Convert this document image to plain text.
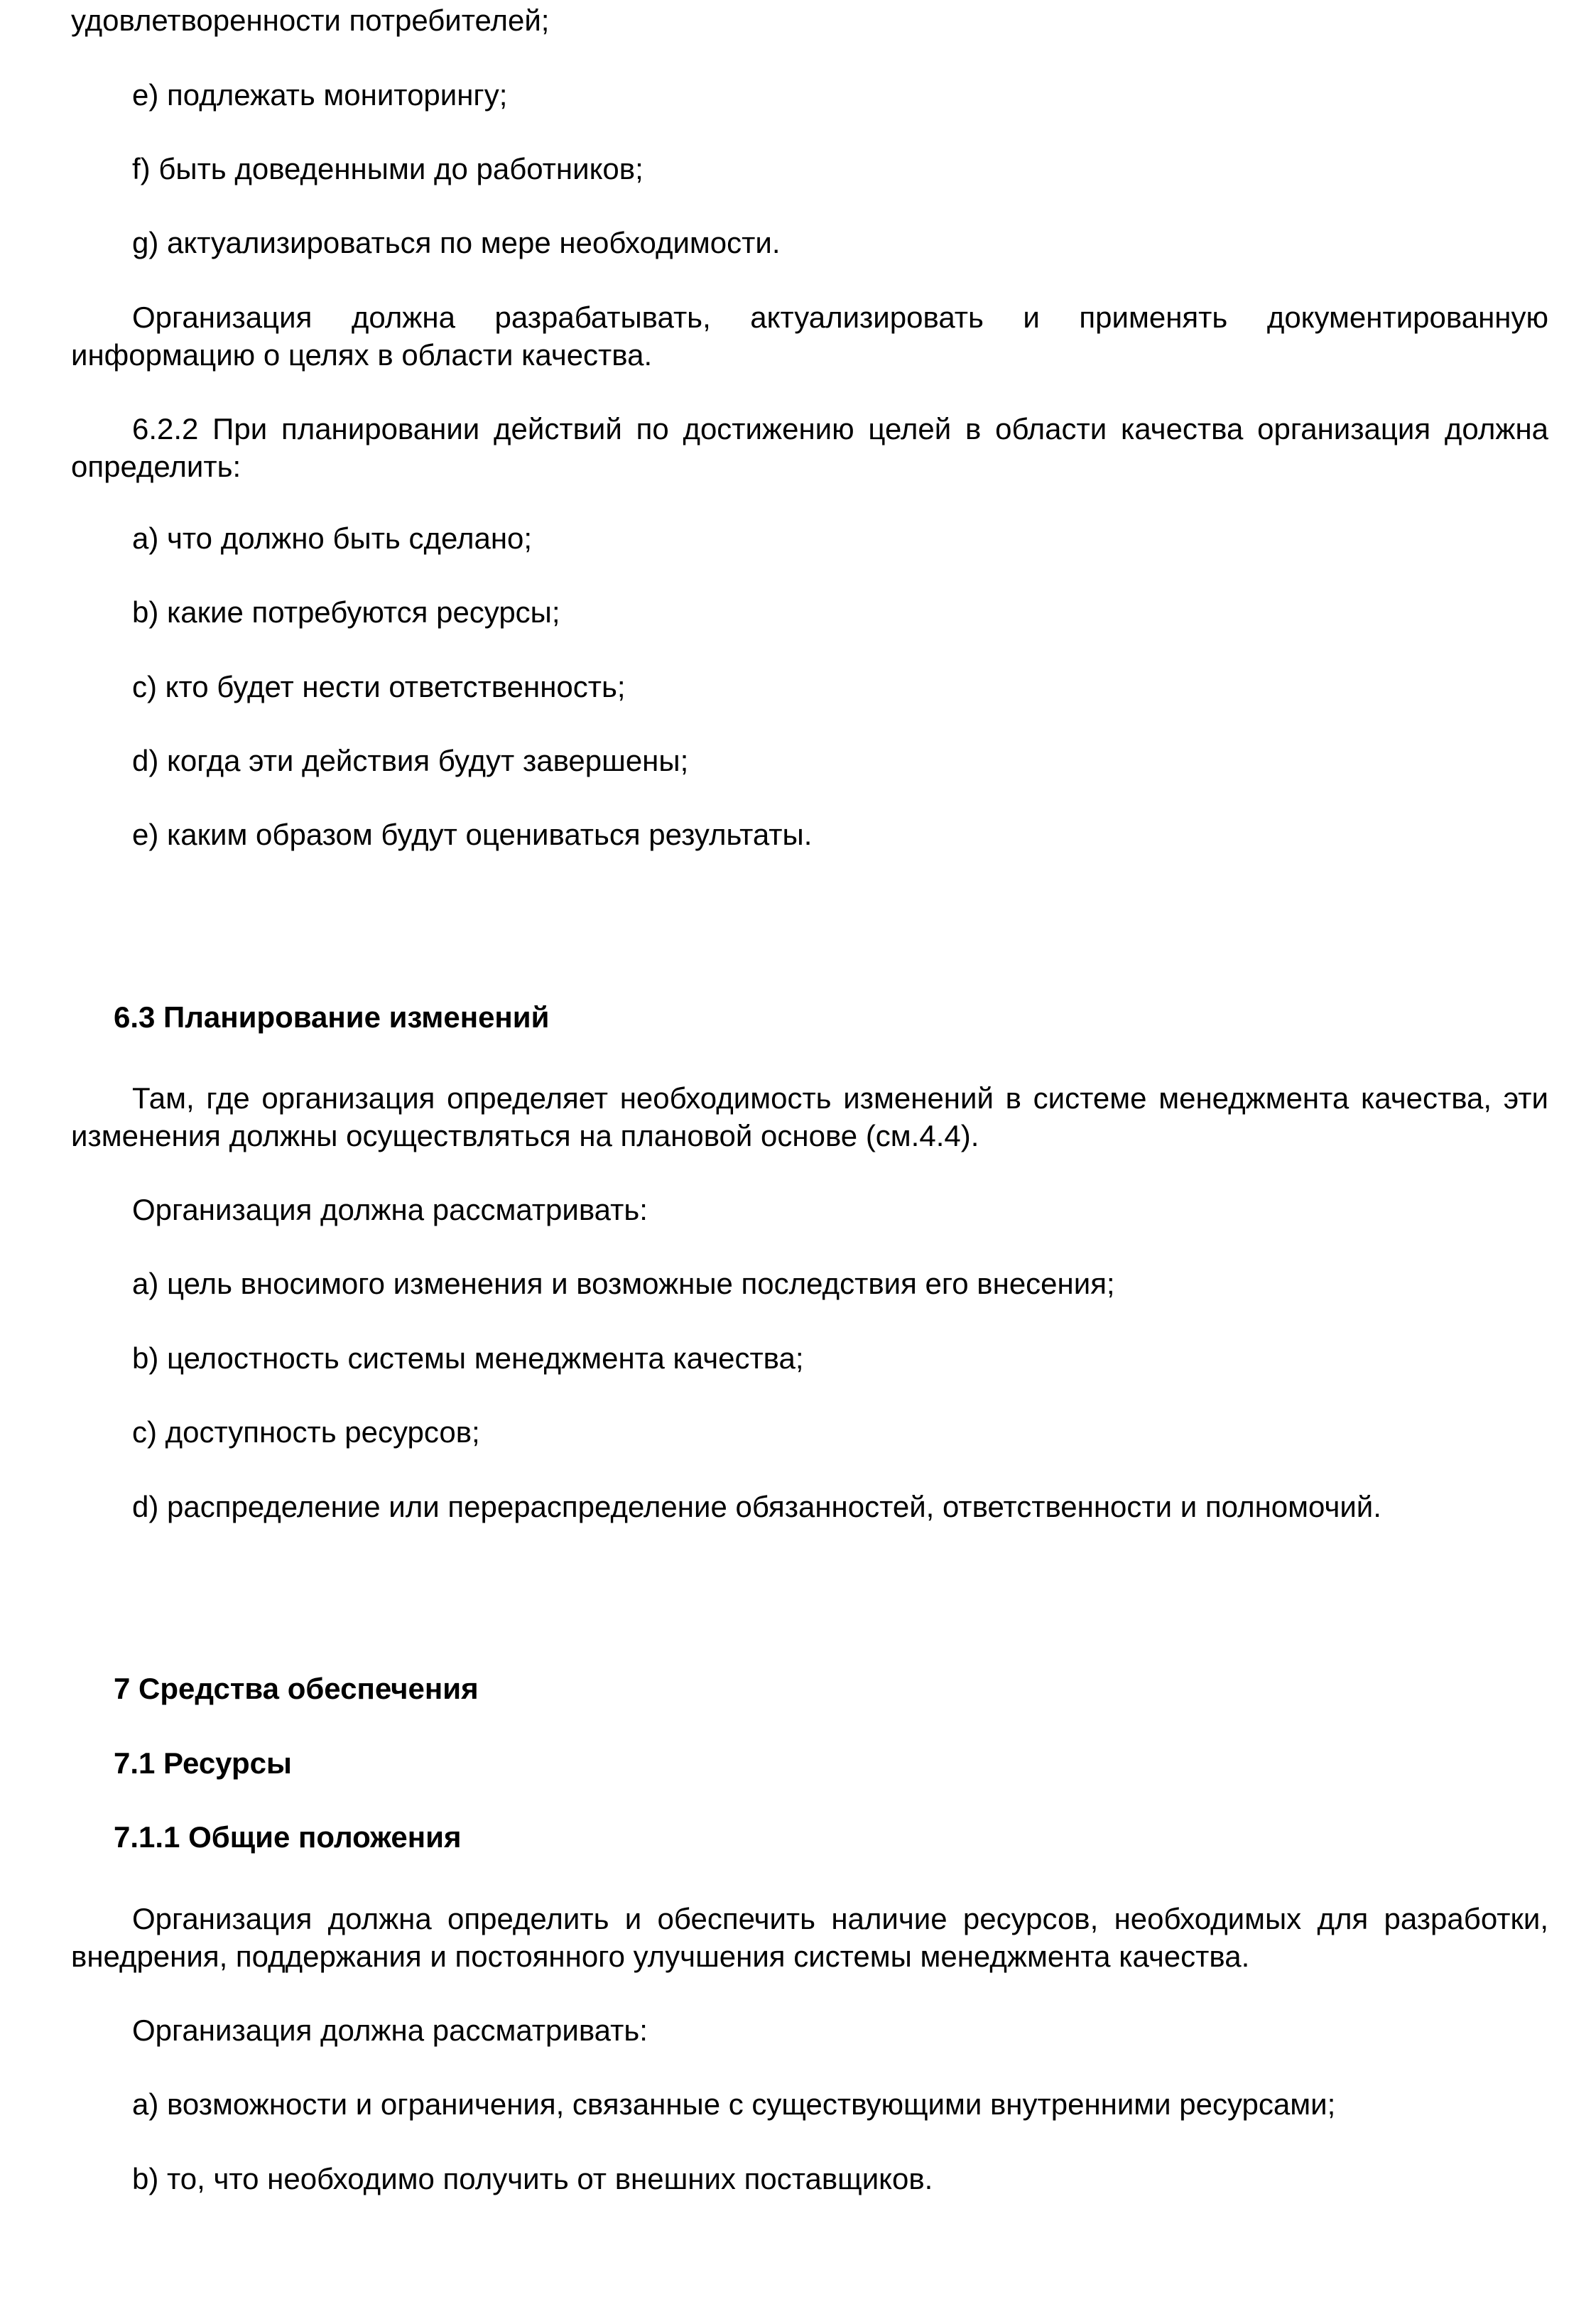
удовлетворенности потребителей;

e) подлежать мониторингу;

f) быть доведенными до работников;

g) актуализироваться по мере необходимости.

Организация должна разрабатывать, актуализировать и применять документированную информацию о целях в области качества.

6.2.2 При планировании действий по достижению целей в области качества организация должна определить:

a) что должно быть сделано;

b) какие потребуются ресурсы;

c) кто будет нести ответственность;

d) когда эти действия будут завершены;

e) каким образом будут оцениваться результаты.

6.3 Планирование изменений

Там, где организация определяет необходимость изменений в системе менеджмента качества, эти изменения должны осуществляться на плановой основе (см.4.4).

Организация должна рассматривать:

a) цель вносимого изменения и возможные последствия его внесения;

b) целостность системы менеджмента качества;

c) доступность ресурсов;

d) распределение или перераспределение обязанностей, ответственности и полномочий.

7 Средства обеспечения
7.1 Ресурсы
7.1.1 Общие положения

Организация должна определить и обеспечить наличие ресурсов, необходимых для разработки, внедрения, поддержания и постоянного улучшения системы менеджмента качества.

Организация должна рассматривать:

a) возможности и ограничения, связанные с существующими внутренними ресурсами;

b) то, что необходимо получить от внешних поставщиков.
